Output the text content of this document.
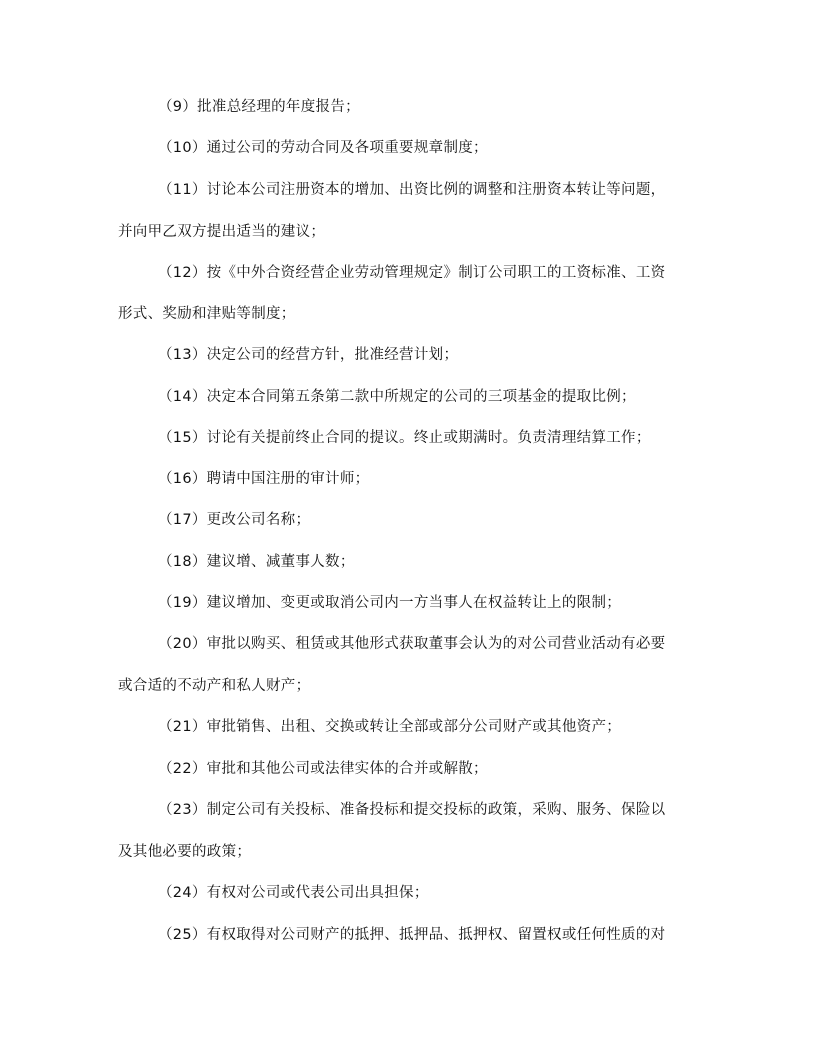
（9）批准总经理的年度报告；
（10）通过公司的劳动合同及各项重要规章制度；
（11）讨论本公司注册资本的增加、出资比例的调整和注册资本转让等问题，
并向甲乙双方提出适当的建议；
（12）按《中外合资经营企业劳动管理规定》制订公司职工的工资标准、工资
形式、奖励和津贴等制度；
（13）决定公司的经营方针，批准经营计划；
（14）决定本合同第五条第二款中所规定的公司的三项基金的提取比例；
（15）讨论有关提前终止合同的提议。终止或期满时。负责清理结算工作；
（16）聘请中国注册的审计师；
（17）更改公司名称；
（18）建议增、减董事人数；
（19）建议增加、变更或取消公司内一方当事人在权益转让上的限制；
（20）审批以购买、租赁或其他形式获取董事会认为的对公司营业活动有必要
或合适的不动产和私人财产；
（21）审批销售、出租、交换或转让全部或部分公司财产或其他资产；
（22）审批和其他公司或法律实体的合并或解散；
（23）制定公司有关投标、准备投标和提交投标的政策，采购、服务、保险以
及其他必要的政策；
（24）有权对公司或代表公司出具担保；
（25）有权取得对公司财产的抵押、抵押品、抵押权、留置权或任何性质的对
